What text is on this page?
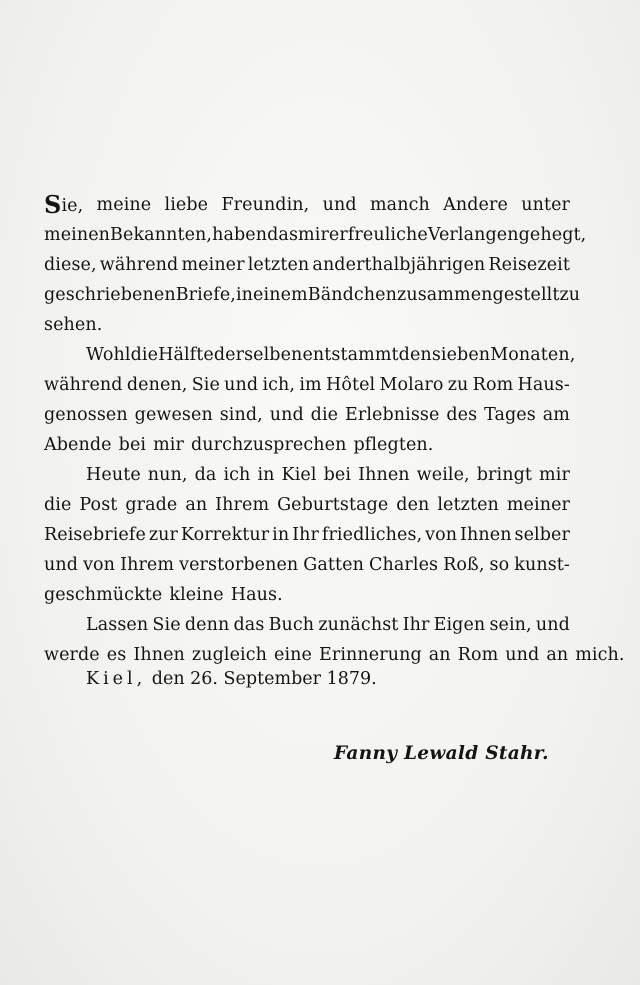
Sie, meine liebe Freundin, und manch Andere unter
meinen Bekannten, haben das mir erfreuliche Verlangen gehegt,
diese, während meiner letzten anderthalbjährigen Reisezeit
geschriebenen Briefe, in einem Bändchen zusammengestellt zu
sehen.
Wohl die Hälfte derselben entstammt den sieben Monaten,
während denen, Sie und ich, im Hôtel Molaro zu Rom Haus-
genossen gewesen sind, und die Erlebnisse des Tages am
Abende bei mir durchzusprechen pflegten.
Heute nun, da ich in Kiel bei Ihnen weile, bringt mir
die Post grade an Ihrem Geburtstage den letzten meiner
Reisebriefe zur Korrektur in Ihr friedliches, von Ihnen selber
und von Ihrem verstorbenen Gatten Charles Roß, so kunst-
geschmückte kleine Haus.
Lassen Sie denn das Buch zunächst Ihr Eigen sein, und
werde es Ihnen zugleich eine Erinnerung an Rom und an mich.
Kiel, den 26. September 1879.
Fanny Lewald Stahr.
